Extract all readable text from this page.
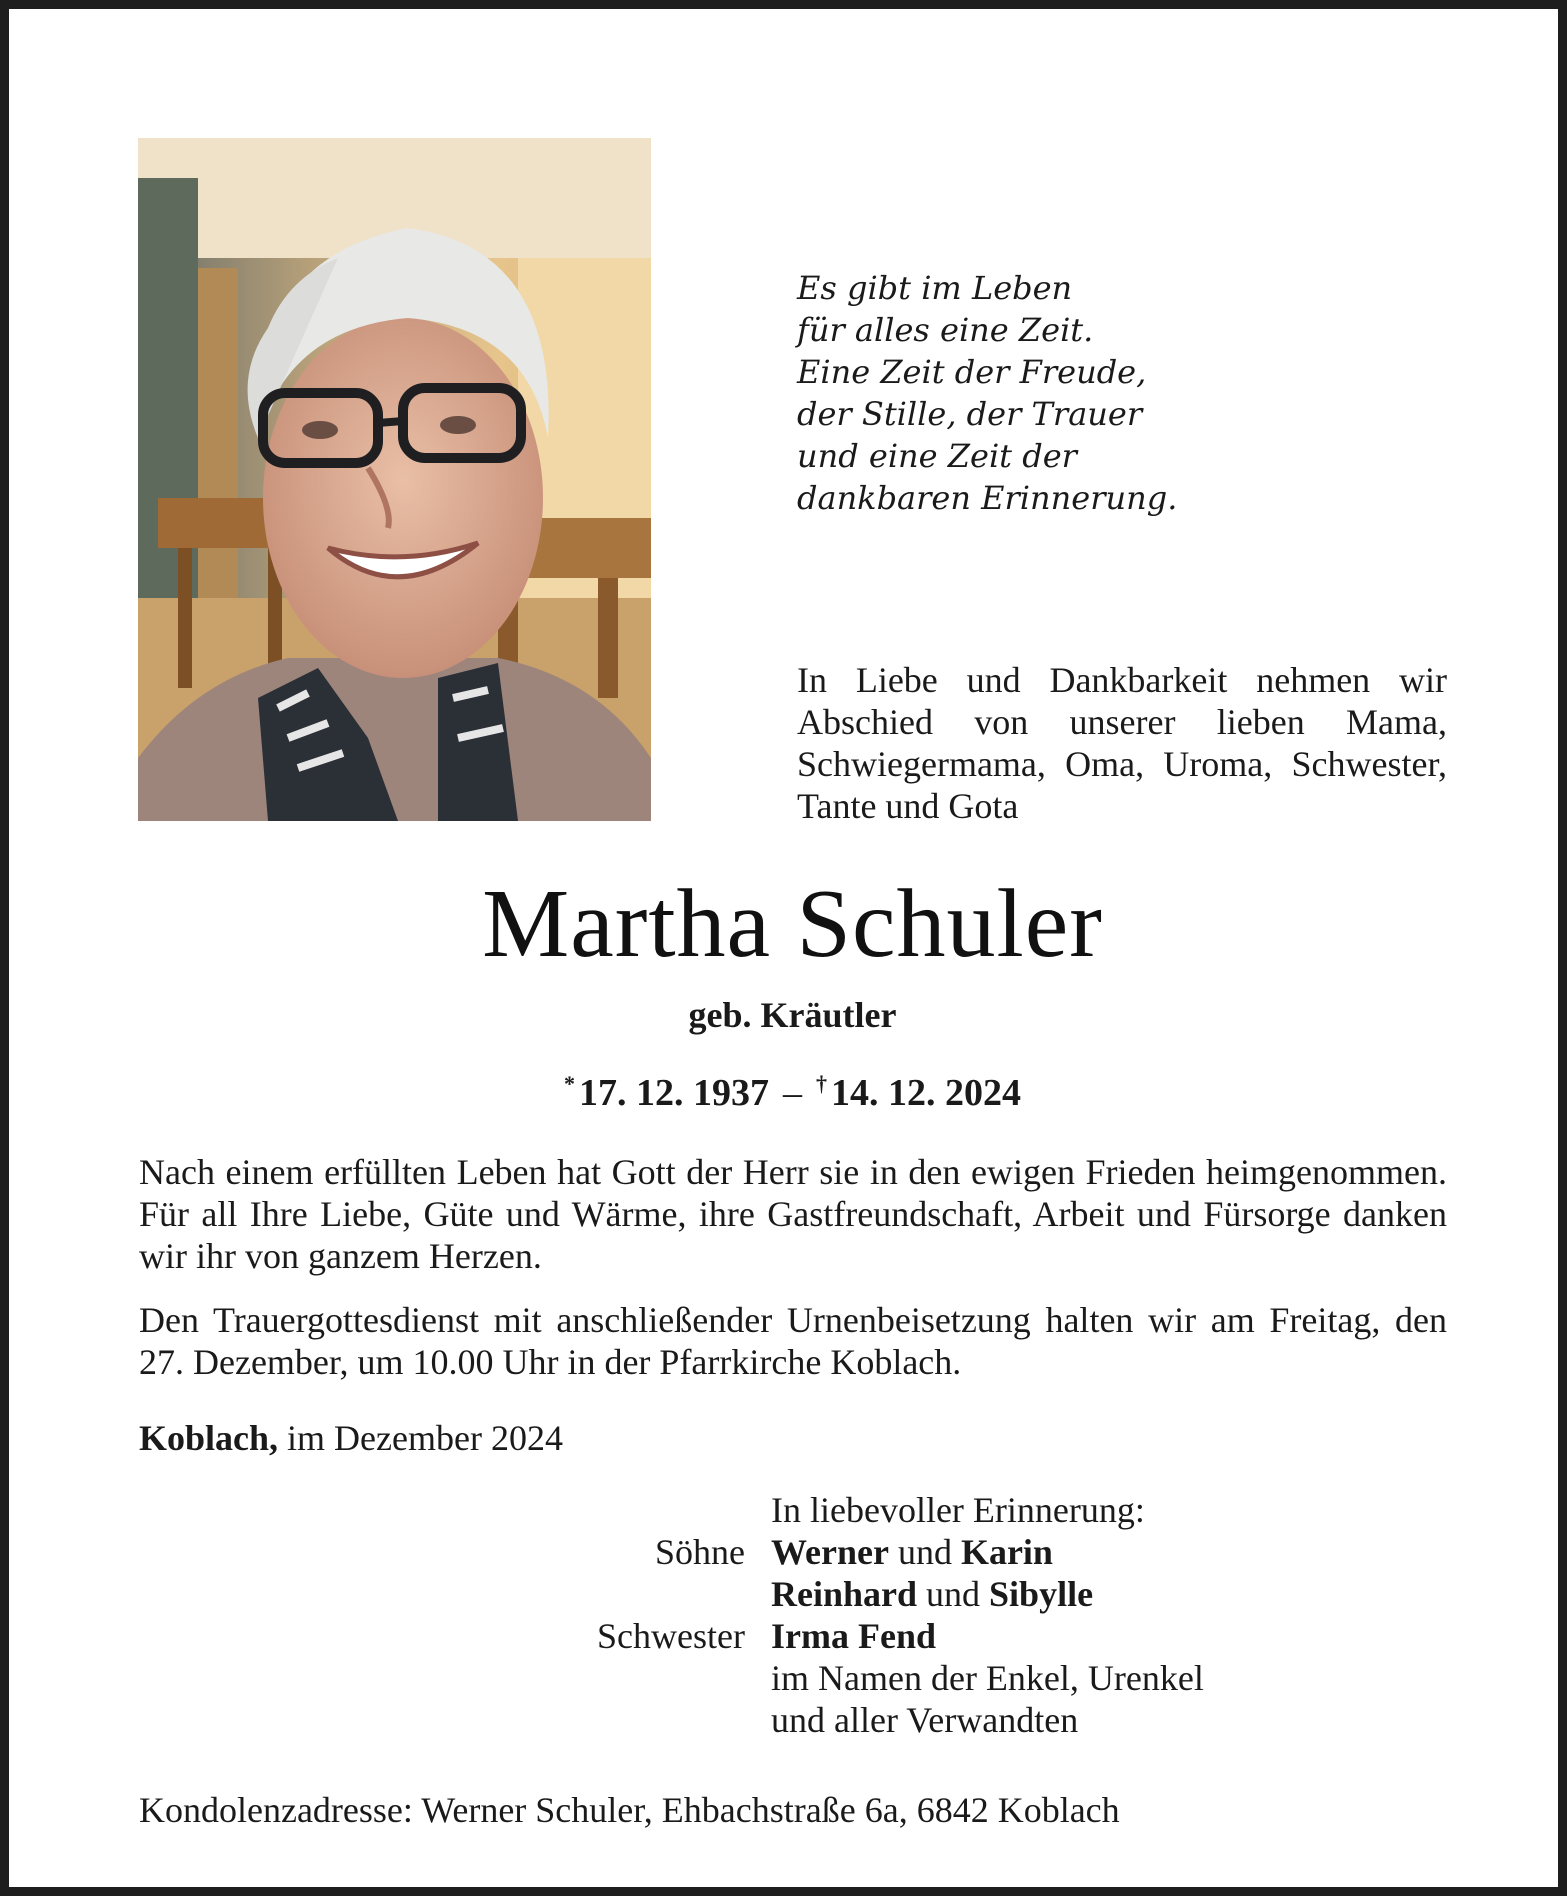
Es gibt im Leben
für alles eine Zeit.
Eine Zeit der Freude,
der Stille, der Trauer
und eine Zeit der
dankbaren Erinnerung.
In Liebe und Dankbarkeit nehmen wir Abschied von unserer lieben Mama, Schwiegermama, Oma, Uroma, Schwester, Tante und Gota
Martha Schuler
geb. Kräutler
* 17. 12. 1937 – † 14. 12. 2024
Nach einem erfüllten Leben hat Gott der Herr sie in den ewigen Frieden heimgenommen. Für all Ihre Liebe, Güte und Wärme, ihre Gastfreundschaft, Arbeit und Fürsorge danken wir ihr von ganzem Herzen.
Den Trauergottesdienst mit anschließender Urnenbeisetzung halten wir am Freitag, den 27. Dezember, um 10.00 Uhr in der Pfarrkirche Koblach.
Koblach, im Dezember 2024
In liebevoller Erinnerung:
Söhne Werner und Karin
Reinhard und Sibylle
Schwester Irma Fend
im Namen der Enkel, Urenkel
und aller Verwandten
Kondolenzadresse: Werner Schuler, Ehbachstraße 6a, 6842 Koblach
